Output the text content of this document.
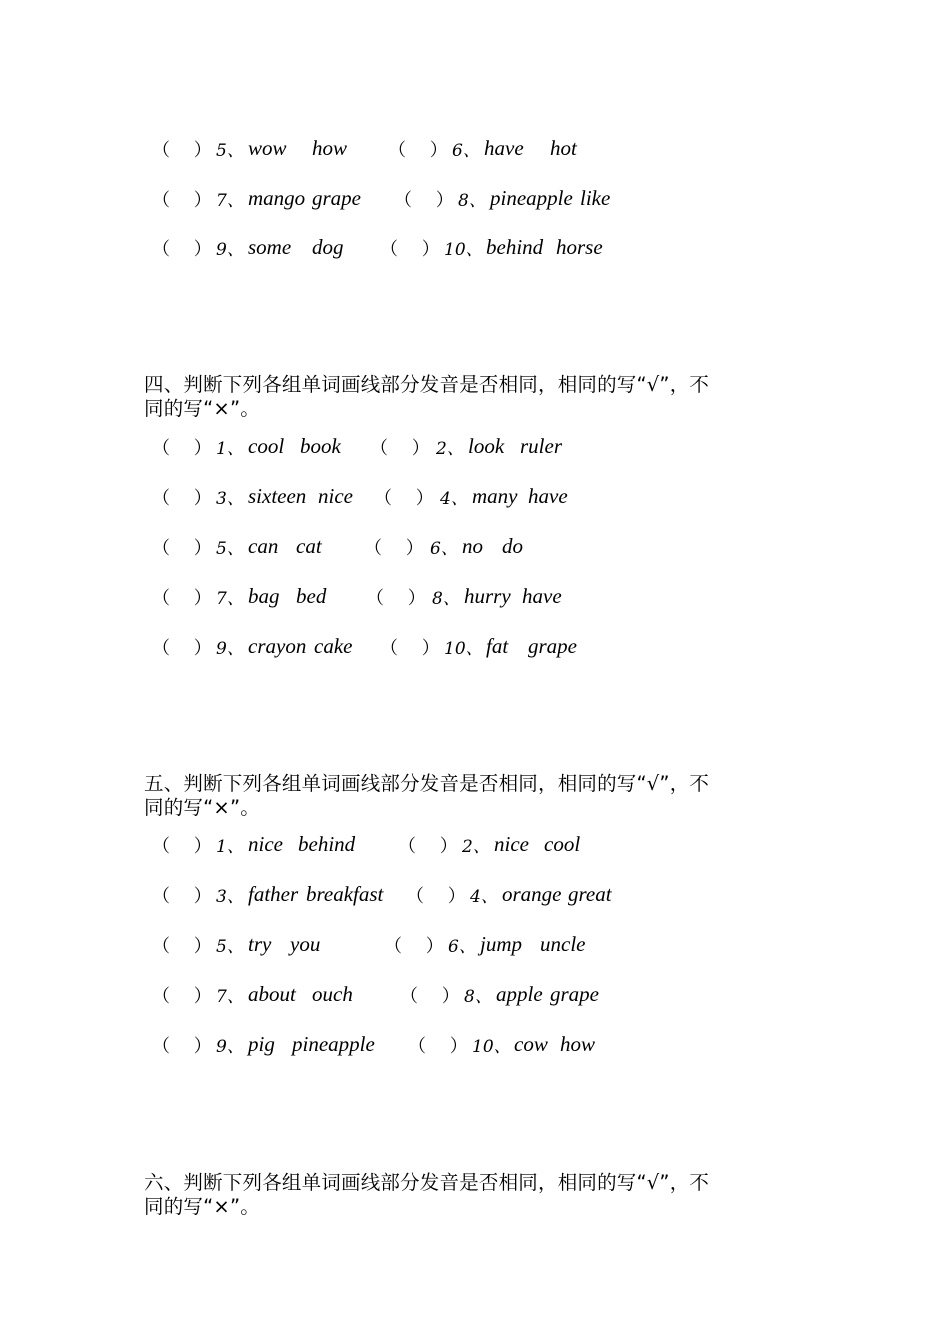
（　 ） 5、 wow how （　 ） 6、 have hot
（　 ） 7、 mango grape （　 ） 8、 pineapple like
（　 ） 9、 some dog （　 ） 10、 behind horse
四、判断下列各组单词画线部分发音是否相同，相同的写“√”，不
同的写“×”。
（　 ） 1、 cool book （　 ） 2、 look ruler
（　 ） 3、 sixteen nice （　 ） 4、 many have
（　 ） 5、 can cat （　 ） 6、 no do
（　 ） 7、 bag bed （　 ） 8、 hurry have
（　 ） 9、 crayon cake （　 ） 10、 fat grape
五、判断下列各组单词画线部分发音是否相同，相同的写“√”，不
同的写“×”。
（　 ） 1、 nice behind （　 ） 2、 nice cool
（　 ） 3、 father breakfast （　 ） 4、 orange great
（　 ） 5、 try you	（　 ） 6、 jump uncle
（　 ） 7、 about ouch	（　 ） 8、 apple grape
（　 ） 9、 pig pineapple （　 ） 10、 cow how
六、判断下列各组单词画线部分发音是否相同，相同的写“√”，不
同的写“×”。
